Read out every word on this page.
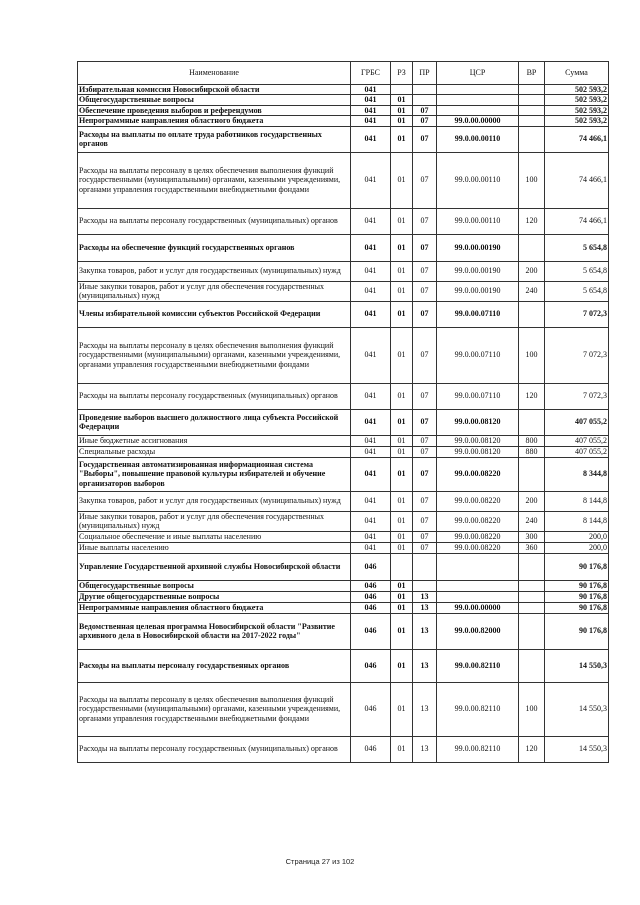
Наименование	ГРБС	РЗ	ПР	ЦСР	ВР	Сумма
Избирательная комиссия Новосибирской области	041					502 593,2
Общегосударственные вопросы	041	01				502 593,2
Обеспечение проведения выборов и референдумов	041	01	07			502 593,2
Непрограммные направления областного бюджета	041	01	07	99.0.00.00000		502 593,2
Расходы на выплаты по оплате труда работников государственных органов	041	01	07	99.0.00.00110		74 466,1
Расходы на выплаты персоналу в целях обеспечения выполнения функций государственными (муниципальными) органами, казенными учреждениями, органами управления государственными внебюджетными фондами	041	01	07	99.0.00.00110	100	74 466,1
Расходы на выплаты персоналу государственных (муниципальных) органов	041	01	07	99.0.00.00110	120	74 466,1
Расходы на обеспечение функций государственных органов	041	01	07	99.0.00.00190		5 654,8
Закупка товаров, работ и услуг для государственных (муниципальных) нужд	041	01	07	99.0.00.00190	200	5 654,8
Иные закупки товаров, работ и услуг для обеспечения государственных (муниципальных) нужд	041	01	07	99.0.00.00190	240	5 654,8
Члены избирательной комиссии субъектов Российской Федерации	041	01	07	99.0.00.07110		7 072,3
Расходы на выплаты персоналу в целях обеспечения выполнения функций государственными (муниципальными) органами, казенными учреждениями, органами управления государственными внебюджетными фондами	041	01	07	99.0.00.07110	100	7 072,3
Расходы на выплаты персоналу государственных (муниципальных) органов	041	01	07	99.0.00.07110	120	7 072,3
Проведение выборов высшего должностного лица субъекта Российской Федерации	041	01	07	99.0.00.08120		407 055,2
Иные бюджетные ассигнования	041	01	07	99.0.00.08120	800	407 055,2
Специальные расходы	041	01	07	99.0.00.08120	880	407 055,2
Государственная автоматизированная информационная система "Выборы", повышение правовой культуры избирателей и обучение организаторов выборов	041	01	07	99.0.00.08220		8 344,8
Закупка товаров, работ и услуг для государственных (муниципальных) нужд	041	01	07	99.0.00.08220	200	8 144,8
Иные закупки товаров, работ и услуг для обеспечения государственных (муниципальных) нужд	041	01	07	99.0.00.08220	240	8 144,8
Социальное обеспечение и иные выплаты населению	041	01	07	99.0.00.08220	300	200,0
Иные выплаты населению	041	01	07	99.0.00.08220	360	200,0
Управление Государственной архивной службы Новосибирской области	046					90 176,8
Общегосударственные вопросы	046	01				90 176,8
Другие общегосударственные вопросы	046	01	13			90 176,8
Непрограммные направления областного бюджета	046	01	13	99.0.00.00000		90 176,8
Ведомственная целевая программа Новосибирской области "Развитие архивного дела в Новосибирской области на 2017-2022 годы"	046	01	13	99.0.00.82000		90 176,8
Расходы на выплаты персоналу государственных органов	046	01	13	99.0.00.82110		14 550,3
Расходы на выплаты персоналу в целях обеспечения выполнения функций государственными (муниципальными) органами, казенными учреждениями, органами управления государственными внебюджетными фондами	046	01	13	99.0.00.82110	100	14 550,3
Расходы на выплаты персоналу государственных (муниципальных) органов	046	01	13	99.0.00.82110	120	14 550,3
Страница 27 из 102
